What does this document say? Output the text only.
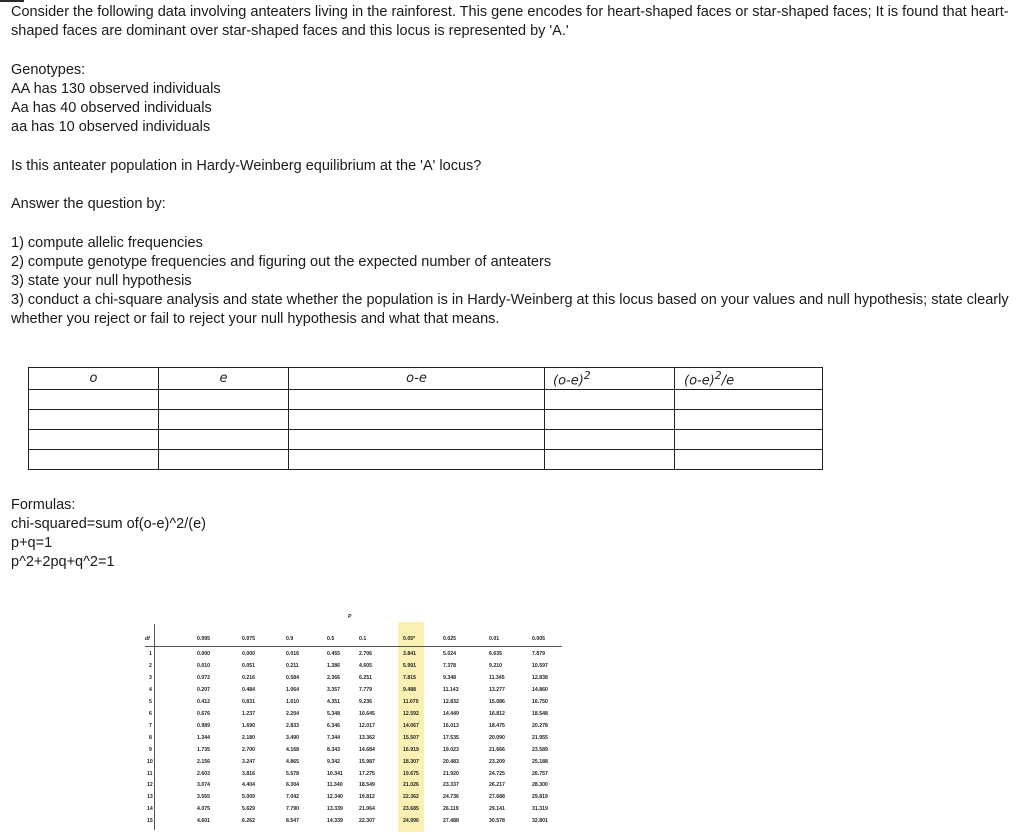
Consider the following data involving anteaters living in the rainforest. This gene encodes for heart-shaped faces or star-shaped faces; It is found that heart-shaped faces are dominant over star-shaped faces and this locus is represented by 'A.'

Genotypes:

AA has 130 observed individuals

Aa has 40 observed individuals

aa has 10 observed individuals

Is this anteater population in Hardy-Weinberg equilibrium at the 'A' locus?

Answer the question by:

1) compute allelic frequencies

2) compute genotype frequencies and figuring out the expected number of anteaters

3) state your null hypothesis

3) conduct a chi-square analysis and state whether the population is in Hardy-Weinberg at this locus based on your values and null hypothesis; state clearly whether you reject or fail to reject your null hypothesis and what that means.

o	e	o-e	$(o-e)^2$	$(o-e)^2/e$

Formulas:

chi-squared=sum of(o-e)^2/(e)

p+q=1

p^2+2pq+q^2=1

P
df	0.995	0.975	0.9	0.5	0.1	0.05*	0.025	0.01	0.005
1	0.000	0.000	0.016	0.455	2.706	3.841	5.024	6.635	7.879
2	0.010	0.051	0.211	1.386	4.605	5.991	7.378	9.210	10.597
3	0.072	0.216	0.584	2.366	6.251	7.815	9.348	11.345	12.838
4	0.207	0.484	1.064	3.357	7.779	9.488	11.143	13.277	14.860
5	0.412	0.831	1.610	4.351	9.236	11.070	12.832	15.086	16.750
6	0.676	1.237	2.204	5.348	10.645	12.592	14.449	16.812	18.548
7	0.989	1.690	2.833	6.346	12.017	14.067	16.013	18.475	20.278
8	1.344	2.180	3.490	7.344	13.362	15.507	17.535	20.090	21.955
9	1.735	2.700	4.168	8.343	14.684	16.919	19.023	21.666	23.589
10	2.156	3.247	4.865	9.342	15.987	18.307	20.483	23.209	25.188
11	2.603	3.816	5.578	10.341	17.275	19.675	21.920	24.725	26.757
12	3.074	4.404	6.304	11.340	18.549	21.026	23.337	26.217	28.300
13	3.565	5.009	7.042	12.340	19.812	22.362	24.736	27.688	29.819
14	4.075	5.629	7.790	13.339	21.064	23.685	26.119	29.141	31.319
15	4.601	6.262	8.547	14.339	22.307	24.996	27.488	30.578	32.801
